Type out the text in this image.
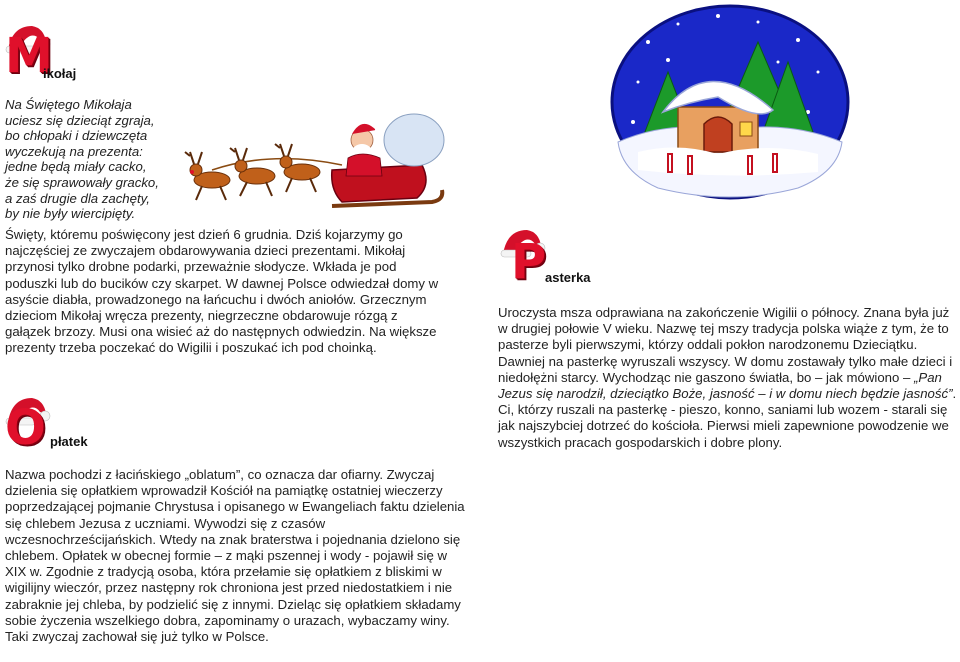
M
ikołaj
Na Świętego Mikołaja
uciesz się dzieciąt zgraja,
bo chłopaki i dziewczęta
wyczekują na prezenta:
jedne będą miały cacko,
że się sprawowały gracko,
a zaś drugie dla zachęty,
by nie były wiercipięty.

Święty, któremu poświęcony jest dzień 6 grudnia. Dziś kojarzymy go najczęściej ze zwyczajem obdarowywania dzieci prezentami. Mikołaj przynosi tylko drobne podarki, przeważnie słodycze. Wkłada je pod poduszki lub do bucików czy skarpet. W dawnej Polsce odwiedzał domy w asyście diabła, prowadzonego na łańcuchu i dwóch aniołów. Grzecznym dzieciom Mikołaj wręcza prezenty, niegrzeczne obdarowuje rózgą z gałązek brzozy. Musi ona wisieć aż do następnych odwiedzin. Na większe prezenty trzeba poczekać do Wigilii i poszukać ich pod choinką.

O płatek

Nazwa pochodzi z łacińskiego „oblatum”, co oznacza dar ofiarny. Zwyczaj dzielenia się opłatkiem wprowadził Kościół na pamiątkę ostatniej wieczerzy poprzedzającej pojmanie Chrystusa i opisanego w Ewangeliach faktu dzielenia się chlebem Jezusa z uczniami. Wywodzi się z czasów wczesnochrześcijańskich. Wtedy na znak braterstwa i pojednania dzielono się chlebem. Opłatek w obecnej formie – z mąki pszennej i wody - pojawił się w XIX w. Zgodnie z tradycją osoba, która przełamie się opłatkiem z bliskimi w wigilijny wieczór, przez następny rok chroniona jest przed niedostatkiem i nie zabraknie jej chleba, by podzielić się z innymi. Dzieląc się opłatkiem składamy sobie życzenia wszelkiego dobra, zapominamy o urazach, wybaczamy winy. Taki zwyczaj zachował się już tylko w Polsce.

P
asterka

Uroczysta msza odprawiana na zakończenie Wigilii o północy. Znana była już w drugiej połowie V wieku. Nazwę tej mszy tradycja polska wiąże z tym, że to pasterze byli pierwszymi, którzy oddali pokłon narodzonemu Dzieciątku. Dawniej na pasterkę wyruszali wszyscy. W domu zostawały tylko małe dzieci i niedołężni starcy. Wychodząc nie gaszono światła, bo – jak mówiono – „Pan Jezus się narodził, dzieciątko Boże, jasność – i w domu niech będzie jasność”. Ci, którzy ruszali na pasterkę - pieszo, konno, saniami lub wozem - starali się jak najszybciej dotrzeć do kościoła. Pierwsi mieli zapewnione powodzenie we wszystkich pracach gospodarskich i dobre plony.
